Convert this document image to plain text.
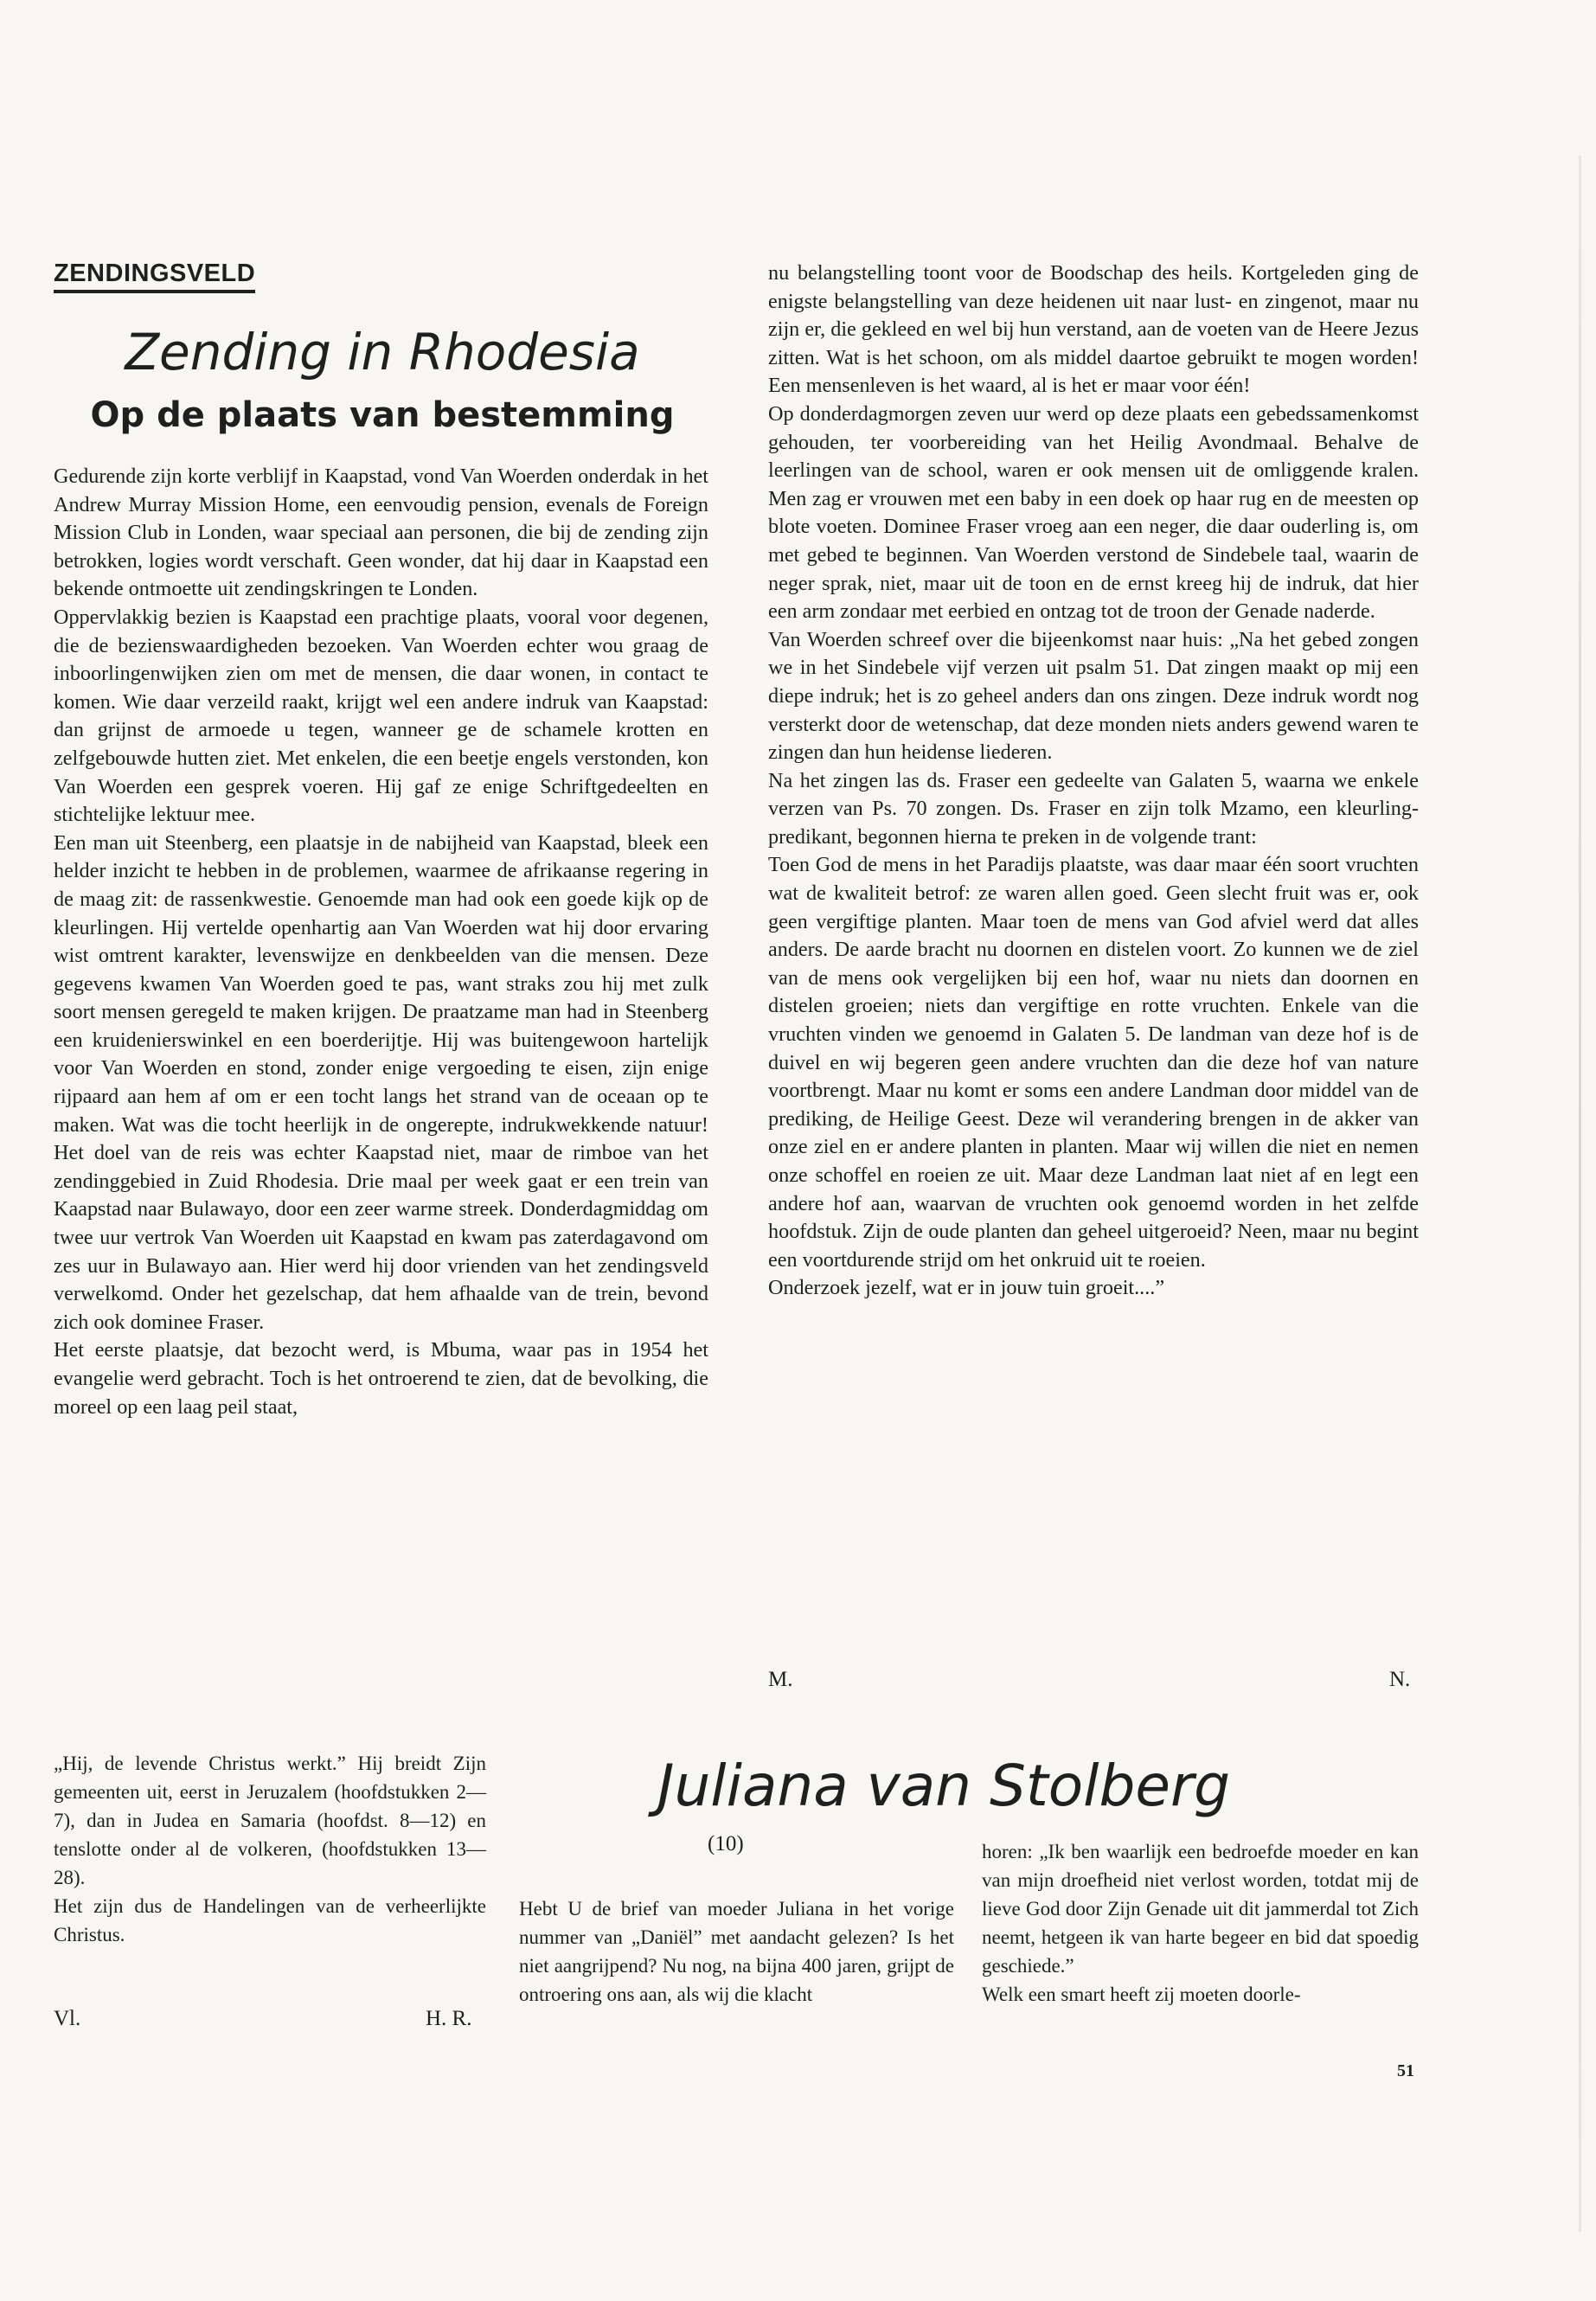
ZENDINGSVELD
Zending in Rhodesia
Op de plaats van bestemming

Gedurende zijn korte verblijf in Kaapstad, vond Van Woerden onderdak in het Andrew Murray Mission Home, een eenvoudig pension, evenals de Foreign Mission Club in Londen, waar speciaal aan personen, die bij de zending zijn betrokken, logies wordt verschaft. Geen wonder, dat hij daar in Kaapstad een bekende ontmoette uit zendingskringen te Londen.

Oppervlakkig bezien is Kaapstad een prachtige plaats, vooral voor degenen, die de bezienswaardigheden bezoeken. Van Woerden echter wou graag de inboorlingenwijken zien om met de mensen, die daar wonen, in contact te komen. Wie daar verzeild raakt, krijgt wel een andere indruk van Kaapstad: dan grijnst de armoede u tegen, wanneer ge de schamele krotten en zelfgebouwde hutten ziet. Met enkelen, die een beetje engels verstonden, kon Van Woerden een gesprek voeren. Hij gaf ze enige Schriftgedeelten en stichtelijke lektuur mee.

Een man uit Steenberg, een plaatsje in de nabijheid van Kaapstad, bleek een helder inzicht te hebben in de problemen, waarmee de afrikaanse regering in de maag zit: de rassenkwestie. Genoemde man had ook een goede kijk op de kleurlingen. Hij vertelde openhartig aan Van Woerden wat hij door ervaring wist omtrent karakter, levenswijze en denkbeelden van die mensen. Deze gegevens kwamen Van Woerden goed te pas, want straks zou hij met zulk soort mensen geregeld te maken krijgen. De praatzame man had in Steenberg een kruidenierswinkel en een boerderijtje. Hij was buitengewoon hartelijk voor Van Woerden en stond, zonder enige vergoeding te eisen, zijn enige rijpaard aan hem af om er een tocht langs het strand van de oceaan op te maken. Wat was die tocht heerlijk in de ongerepte, indrukwekkende natuur! Het doel van de reis was echter Kaapstad niet, maar de rimboe van het zendinggebied in Zuid Rhodesia. Drie maal per week gaat er een trein van Kaapstad naar Bulawayo, door een zeer warme streek. Donderdagmiddag om twee uur vertrok Van Woerden uit Kaapstad en kwam pas zaterdagavond om zes uur in Bulawayo aan. Hier werd hij door vrienden van het zendingsveld verwelkomd. Onder het gezelschap, dat hem afhaalde van de trein, bevond zich ook dominee Fraser.

Het eerste plaatsje, dat bezocht werd, is Mbuma, waar pas in 1954 het evangelie werd gebracht. Toch is het ontroerend te zien, dat de bevolking, die moreel op een laag peil staat,

nu belangstelling toont voor de Boodschap des heils. Kortgeleden ging de enigste belangstelling van deze heidenen uit naar lust- en zingenot, maar nu zijn er, die gekleed en wel bij hun verstand, aan de voeten van de Heere Jezus zitten. Wat is het schoon, om als middel daartoe gebruikt te mogen worden! Een mensenleven is het waard, al is het er maar voor één!

Op donderdagmorgen zeven uur werd op deze plaats een gebedssamenkomst gehouden, ter voorbereiding van het Heilig Avondmaal. Behalve de leerlingen van de school, waren er ook mensen uit de omliggende kralen. Men zag er vrouwen met een baby in een doek op haar rug en de meesten op blote voeten. Dominee Fraser vroeg aan een neger, die daar ouderling is, om met gebed te beginnen. Van Woerden verstond de Sindebele taal, waarin de neger sprak, niet, maar uit de toon en de ernst kreeg hij de indruk, dat hier een arm zondaar met eerbied en ontzag tot de troon der Genade naderde.

Van Woerden schreef over die bijeenkomst naar huis: „Na het gebed zongen we in het Sindebele vijf verzen uit psalm 51. Dat zingen maakt op mij een diepe indruk; het is zo geheel anders dan ons zingen. Deze indruk wordt nog versterkt door de wetenschap, dat deze monden niets anders gewend waren te zingen dan hun heidense liederen.

Na het zingen las ds. Fraser een gedeelte van Galaten 5, waarna we enkele verzen van Ps. 70 zongen. Ds. Fraser en zijn tolk Mzamo, een kleurling-predikant, begonnen hierna te preken in de volgende trant:

Toen God de mens in het Paradijs plaatste, was daar maar één soort vruchten wat de kwaliteit betrof: ze waren allen goed. Geen slecht fruit was er, ook geen vergiftige planten. Maar toen de mens van God afviel werd dat alles anders. De aarde bracht nu doornen en distelen voort. Zo kunnen we de ziel van de mens ook vergelijken bij een hof, waar nu niets dan doornen en distelen groeien; niets dan vergiftige en rotte vruchten. Enkele van die vruchten vinden we genoemd in Galaten 5. De landman van deze hof is de duivel en wij begeren geen andere vruchten dan die deze hof van nature voortbrengt. Maar nu komt er soms een andere Landman door middel van de prediking, de Heilige Geest. Deze wil verandering brengen in de akker van onze ziel en er andere planten in planten. Maar wij willen die niet en nemen onze schoffel en roeien ze uit. Maar deze Landman laat niet af en legt een andere hof aan, waarvan de vruchten ook genoemd worden in het zelfde hoofdstuk. Zijn de oude planten dan geheel uitgeroeid? Neen, maar nu begint een voortdurende strijd om het onkruid uit te roeien.

Onderzoek jezelf, wat er in jouw tuin groeit....”

M.	N.

„Hij, de levende Christus werkt.” Hij breidt Zijn gemeenten uit, eerst in Jeruzalem (hoofdstukken 2—7), dan in Judea en Samaria (hoofdst. 8—12) en tenslotte onder al de volkeren, (hoofdstukken 13—28).

Het zijn dus de Handelingen van de verheerlijkte Christus.

Vl.	H. R.
Juliana van Stolberg
(10)

Hebt U de brief van moeder Juliana in het vorige nummer van „Daniël” met aandacht gelezen? Is het niet aangrijpend? Nu nog, na bijna 400 jaren, grijpt de ontroering ons aan, als wij die klacht

horen: „Ik ben waarlijk een bedroefde moeder en kan van mijn droefheid niet verlost worden, totdat mij de lieve God door Zijn Genade uit dit jammerdal tot Zich neemt, hetgeen ik van harte begeer en bid dat spoedig geschiede.”

Welk een smart heeft zij moeten doorle-

51
